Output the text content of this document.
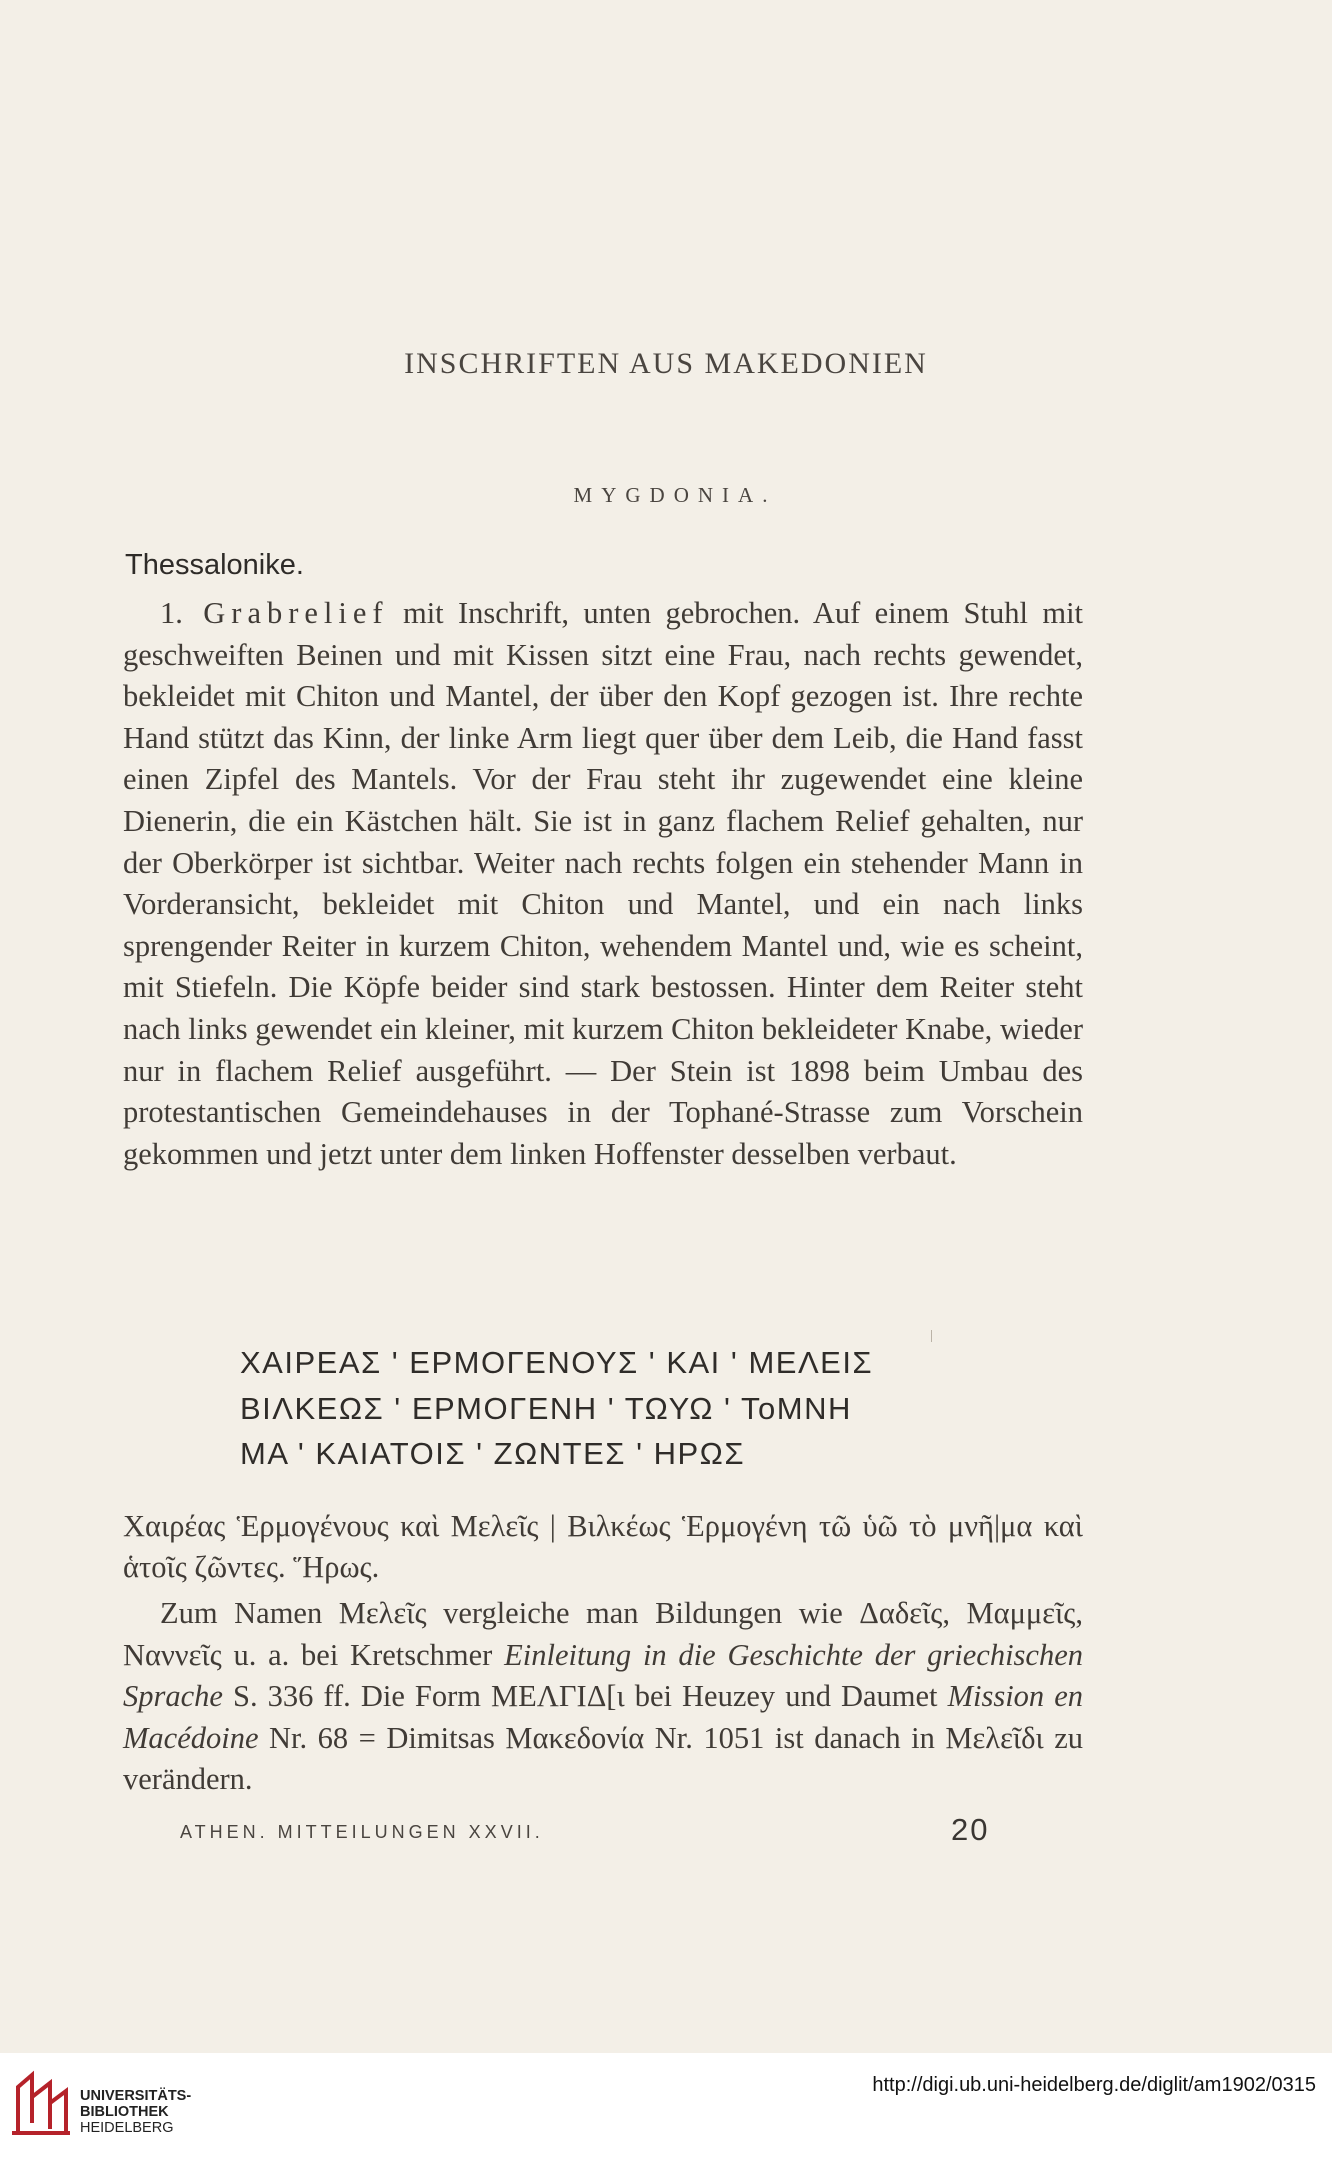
INSCHRIFTEN AUS MAKEDONIEN
MYGDONIA.
Thessalonike.
1. Grabrelief mit Inschrift, unten gebrochen. Auf einem Stuhl mit geschweiften Beinen und mit Kissen sitzt eine Frau, nach rechts gewendet, bekleidet mit Chiton und Mantel, der über den Kopf gezogen ist. Ihre rechte Hand stützt das Kinn, der linke Arm liegt quer über dem Leib, die Hand fasst einen Zipfel des Mantels. Vor der Frau steht ihr zugewendet eine kleine Dienerin, die ein Kästchen hält. Sie ist in ganz flachem Relief gehalten, nur der Oberkörper ist sichtbar. Weiter nach rechts folgen ein stehender Mann in Vorderansicht, bekleidet mit Chiton und Mantel, und ein nach links sprengender Reiter in kurzem Chiton, wehendem Mantel und, wie es scheint, mit Stiefeln. Die Köpfe beider sind stark bestossen. Hinter dem Reiter steht nach links gewendet ein kleiner, mit kurzem Chiton bekleideter Knabe, wieder nur in flachem Relief ausgeführt. — Der Stein ist 1898 beim Umbau des protestantischen Gemeindehauses in der Tophané-Strasse zum Vorschein gekommen und jetzt unter dem linken Hoffenster desselben verbaut.
ΧΑΙΡΕΑΣ ' ΕΡΜΟΓΕΝΟΥΣ ' ΚΑΙ ' ΜΕΛΕΙΣ
ΒΙΛΚΕΩΣ ' ΕΡΜΟΓΕΝΗ ' ΤΩΥΩ ' ΤοΜΝΗ
ΜΑ ' ΚΑΙΑΤΟΙΣ ' ΖΩΝΤΕΣ ' ΗΡΩΣ
Χαιρέας Ἑρμογένους καὶ Μελεῖς | Βιλκέως Ἑρμογένη τῶ ὑῶ τὸ μνῆ|μα καὶ ἁτοῖς ζῶντες. Ἥρως.
Zum Namen Μελεῖς vergleiche man Bildungen wie Δαδεῖς, Μαμμεῖς, Ναννεῖς u. a. bei Kretschmer Einleitung in die Geschichte der griechischen Sprache S. 336 ff. Die Form ΜΕΛΓΙΔ[ι bei Heuzey und Daumet Mission en Macédoine Nr. 68 = Dimitsas Μακεδονία Nr. 1051 ist danach in Μελεῖδι zu verändern.
ATHEN. MITTEILUNGEN XXVII.	20
UNIVERSITÄTS-
BIBLIOTHEK
HEIDELBERG
http://digi.ub.uni-heidelberg.de/diglit/am1902/0315
